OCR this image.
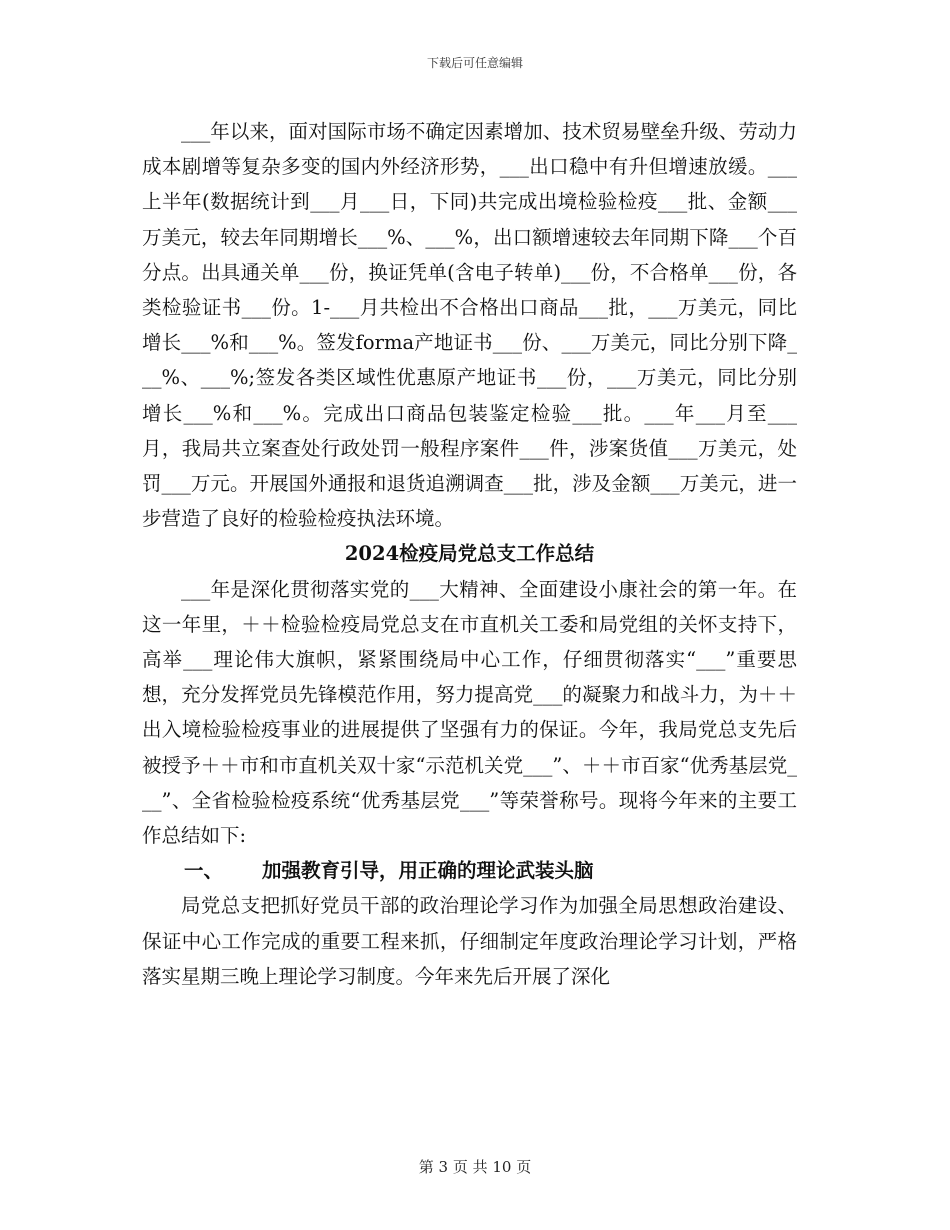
下载后可任意编辑

___年以来，面对国际市场不确定因素增加、技术贸易壁垒升级、劳动力成本剧增等复杂多变的国内外经济形势，___出口稳中有升但增速放缓。___上半年(数据统计到___月___日，下同)共完成出境检验检疫___批、金额___万美元，较去年同期增长___%、___%，出口额增速较去年同期下降___个百分点。出具通关单___份，换证凭单(含电子转单)___份，不合格单___份，各类检验证书___份。1-___月共检出不合格出口商品___批，___万美元，同比增长___%和___%。签发forma产地证书___份、___万美元，同比分别下降___%、___%;签发各类区域性优惠原产地证书___份，___万美元，同比分别增长___%和___%。完成出口商品包装鉴定检验___批。___年___月至___月，我局共立案查处行政处罚一般程序案件___件，涉案货值___万美元，处罚___万元。开展国外通报和退货追溯调查___批，涉及金额___万美元，进一步营造了良好的检验检疫执法环境。

2024检疫局党总支工作总结

___年是深化贯彻落实党的___大精神、全面建设小康社会的第一年。在这一年里，＋＋检验检疫局党总支在市直机关工委和局党组的关怀支持下，高举___理论伟大旗帜，紧紧围绕局中心工作，仔细贯彻落实“___”重要思想，充分发挥党员先锋模范作用，努力提高党___的凝聚力和战斗力，为＋＋出入境检验检疫事业的进展提供了坚强有力的保证。今年，我局党总支先后被授予＋＋市和市直机关双十家“示范机关党___”、＋＋市百家“优秀基层党___”、全省检验检疫系统“优秀基层党___”等荣誉称号。现将今年来的主要工作总结如下:

一、 加强教育引导，用正确的理论武装头脑

局党总支把抓好党员干部的政治理论学习作为加强全局思想政治建设、保证中心工作完成的重要工程来抓，仔细制定年度政治理论学习计划，严格落实星期三晚上理论学习制度。今年来先后开展了深化

第 3 页 共 10 页
